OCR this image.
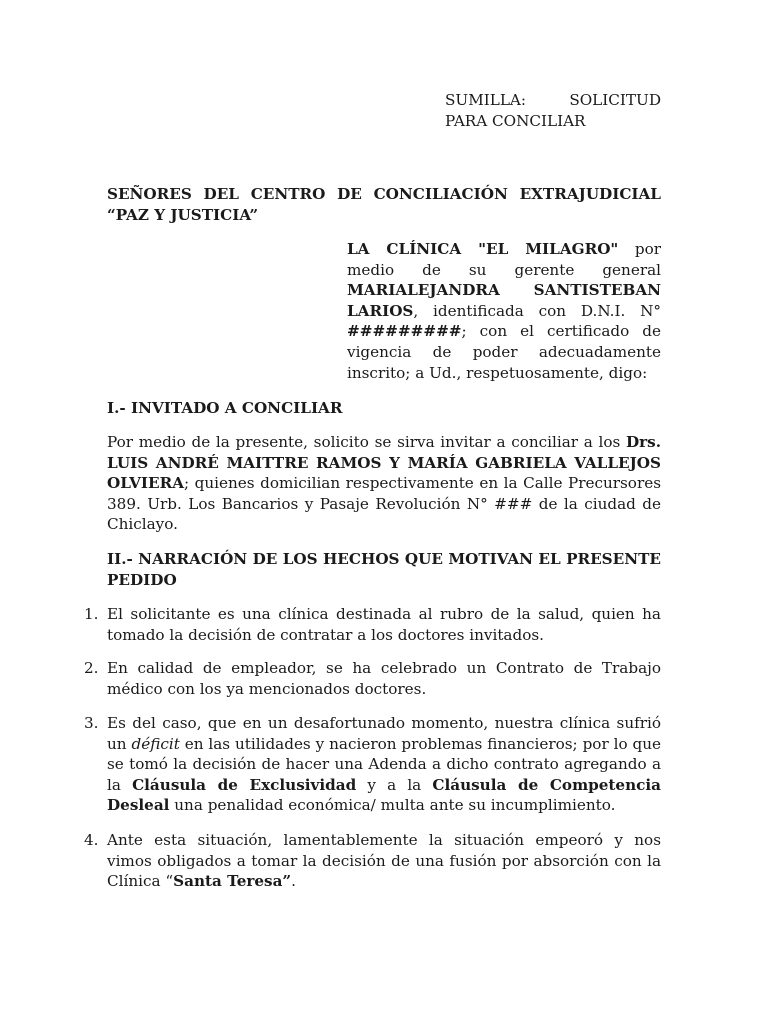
SUMILLA:	SOLICITUD
PARA CONCILIAR
SEÑORES DEL CENTRO DE CONCILIACIÓN EXTRAJUDICIAL
“PAZ Y JUSTICIA”
LA CLÍNICA "EL MILAGRO" por
medio de su gerente general
MARIALEJANDRA SANTISTEBAN
LARIOS, identificada con D.N.I. N°
#########; con el certificado de
vigencia de poder adecuadamente
inscrito; a Ud., respetuosamente, digo:
I.- INVITADO A CONCILIAR
Por medio de la presente, solicito se sirva invitar a conciliar a los Drs.
LUIS ANDRÉ MAITTRE RAMOS Y MARÍA GABRIELA VALLEJOS
OLVIERA; quienes domicilian respectivamente en la Calle Precursores
389. Urb. Los Bancarios y Pasaje Revolución N° ### de la ciudad de
Chiclayo.
II.- NARRACIÓN DE LOS HECHOS QUE MOTIVAN EL PRESENTE
PEDIDO
1. El solicitante es una clínica destinada al rubro de la salud, quien ha
tomado la decisión de contratar a los doctores invitados.
2. En calidad de empleador, se ha celebrado un Contrato de Trabajo
médico con los ya mencionados doctores.
3. Es del caso, que en un desafortunado momento, nuestra clínica sufrió
un déficit en las utilidades y nacieron problemas financieros; por lo que
se tomó la decisión de hacer una Adenda a dicho contrato agregando a
la Cláusula de Exclusividad y a la Cláusula de Competencia
Desleal una penalidad económica/ multa ante su incumplimiento.
4. Ante esta situación, lamentablemente la situación empeoró y nos
vimos obligados a tomar la decisión de una fusión por absorción con la
Clínica “Santa Teresa”.
